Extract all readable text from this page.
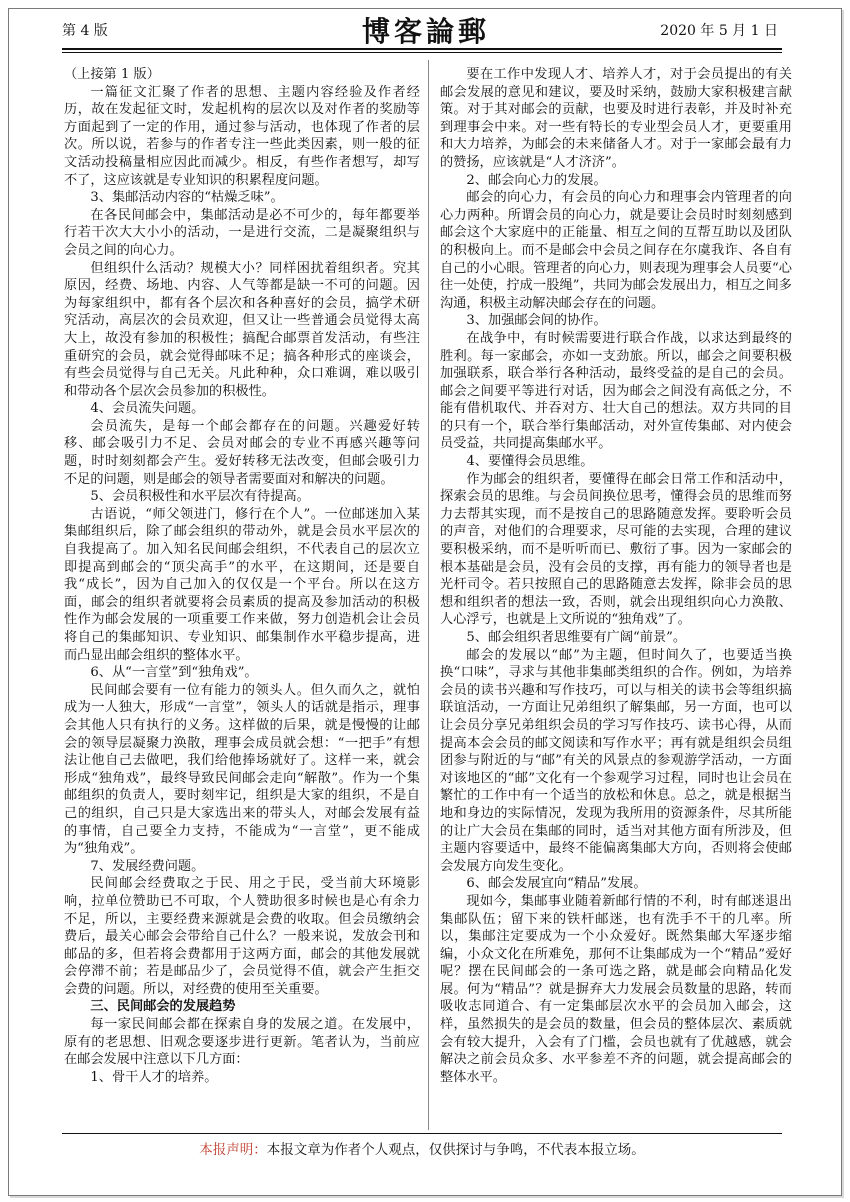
第 4 版	博客論郵	2020 年 5 月 1 日

（上接第 1 版）

一篇征文汇聚了作者的思想、主题内容经验及作者经历，故在发起征文时，发起机构的层次以及对作者的奖励等方面起到了一定的作用，通过参与活动，也体现了作者的层次。所以说，若参与的作者专注一些此类因素，则一般的征文活动投稿量相应因此而减少。相反，有些作者想写，却写不了，这应该就是专业知识的积累程度问题。

3、集邮活动内容的“枯燥乏味”。

在各民间邮会中，集邮活动是必不可少的，每年都要举行若干次大大小小的活动，一是进行交流，二是凝聚组织与会员之间的向心力。

但组织什么活动？规模大小？同样困扰着组织者。究其原因，经费、场地、内容、人气等都是缺一不可的问题。因为每家组织中，都有各个层次和各种喜好的会员，搞学术研究活动，高层次的会员欢迎，但又让一些普通会员觉得太高大上，故没有参加的积极性；搞配合邮票首发活动，有些注重研究的会员，就会觉得邮味不足；搞各种形式的座谈会，有些会员觉得与自己无关。凡此种种，众口难调，难以吸引和带动各个层次会员参加的积极性。

4、会员流失问题。

会员流失，是每一个邮会都存在的问题。兴趣爱好转移、邮会吸引力不足、会员对邮会的专业不再感兴趣等问题，时时刻刻都会产生。爱好转移无法改变，但邮会吸引力不足的问题，则是邮会的领导者需要面对和解决的问题。

5、会员积极性和水平层次有待提高。

古语说，“师父领进门，修行在个人”。一位邮迷加入某集邮组织后，除了邮会组织的带动外，就是会员水平层次的自我提高了。加入知名民间邮会组织，不代表自己的层次立即提高到邮会的“顶尖高手”的水平，在这期间，还是要自我“成长”，因为自己加入的仅仅是一个平台。所以在这方面，邮会的组织者就要将会员素质的提高及参加活动的积极性作为邮会发展的一项重要工作来做，努力创造机会让会员将自己的集邮知识、专业知识、邮集制作水平稳步提高，进而凸显出邮会组织的整体水平。

6、从“一言堂”到“独角戏”。

民间邮会要有一位有能力的领头人。但久而久之，就怕成为一人独大，形成“一言堂”，领头人的话就是指示，理事会其他人只有执行的义务。这样做的后果，就是慢慢的让邮会的领导层凝聚力涣散，理事会成员就会想：“一把手”有想法让他自己去做吧，我们给他捧场就好了。这样一来，就会形成“独角戏”，最终导致民间邮会走向“解散”。作为一个集邮组织的负责人，要时刻牢记，组织是大家的组织，不是自己的组织，自己只是大家选出来的带头人，对邮会发展有益的事情，自己要全力支持，不能成为“一言堂”，更不能成为“独角戏”。

7、发展经费问题。

民间邮会经费取之于民、用之于民，受当前大环境影响，拉单位赞助已不可取，个人赞助很多时候也是心有余力不足，所以，主要经费来源就是会费的收取。但会员缴纳会费后，最关心邮会会带给自己什么？一般来说，发放会刊和邮品的多，但若将会费都用于这两方面，邮会的其他发展就会停滞不前；若是邮品少了，会员觉得不值，就会产生拒交会费的问题。所以，对经费的使用至关重要。

三、民间邮会的发展趋势

每一家民间邮会都在探索自身的发展之道。在发展中，原有的老思想、旧观念要逐步进行更新。笔者认为，当前应在邮会发展中注意以下几方面：

1、骨干人才的培养。

要在工作中发现人才、培养人才，对于会员提出的有关邮会发展的意见和建议，要及时采纳，鼓励大家积极建言献策。对于其对邮会的贡献，也要及时进行表彰，并及时补充到理事会中来。对一些有特长的专业型会员人才，更要重用和大力培养，为邮会的未来储备人才。对于一家邮会最有力的赞扬，应该就是“人才济济”。

2、邮会向心力的发展。

邮会的向心力，有会员的向心力和理事会内管理者的向心力两种。所谓会员的向心力，就是要让会员时时刻刻感到邮会这个大家庭中的正能量、相互之间的互帮互助以及团队的积极向上。而不是邮会中会员之间存在尔虞我诈、各自有自己的小心眼。管理者的向心力，则表现为理事会人员要“心往一处使，拧成一股绳”，共同为邮会发展出力，相互之间多沟通，积极主动解决邮会存在的问题。

3、加强邮会间的协作。

在战争中，有时候需要进行联合作战，以求达到最终的胜利。每一家邮会，亦如一支劲旅。所以，邮会之间要积极加强联系，联合举行各种活动，最终受益的是自己的会员。邮会之间要平等进行对话，因为邮会之间没有高低之分，不能有借机取代、并吞对方、壮大自己的想法。双方共同的目的只有一个，联合举行集邮活动，对外宣传集邮、对内使会员受益，共同提高集邮水平。

4、要懂得会员思维。

作为邮会的组织者，要懂得在邮会日常工作和活动中，探索会员的思维。与会员间换位思考，懂得会员的思维而努力去帮其实现，而不是按自己的思路随意发挥。要聆听会员的声音，对他们的合理要求，尽可能的去实现，合理的建议要积极采纳，而不是听听而已、敷衍了事。因为一家邮会的根本基础是会员，没有会员的支撑，再有能力的领导者也是光杆司令。若只按照自己的思路随意去发挥，除非会员的思想和组织者的想法一致，否则，就会出现组织向心力涣散、人心浮亏，也就是上文所说的“独角戏”了。

5、邮会组织者思维要有广阔“前景”。

邮会的发展以“邮”为主题，但时间久了，也要适当换换“口味”，寻求与其他非集邮类组织的合作。例如，为培养会员的读书兴趣和写作技巧，可以与相关的读书会等组织搞联谊活动，一方面让兄弟组织了解集邮，另一方面，也可以让会员分享兄弟组织会员的学习写作技巧、读书心得，从而提高本会会员的邮文阅读和写作水平；再有就是组织会员组团参与附近的与“邮”有关的风景点的参观游学活动，一方面对该地区的“邮”文化有一个参观学习过程，同时也让会员在繁忙的工作中有一个适当的放松和休息。总之，就是根据当地和身边的实际情况，发现为我所用的资源条件，尽其所能的让广大会员在集邮的同时，适当对其他方面有所涉及，但主题内容要适中，最终不能偏离集邮大方向，否则将会使邮会发展方向发生变化。

6、邮会发展宜向“精品”发展。

现如今，集邮事业随着新邮行情的不利，时有邮迷退出集邮队伍；留下来的铁杆邮迷，也有洗手不干的几率。所以，集邮注定要成为一个小众爱好。既然集邮大军逐步缩编，小众文化在所难免，那何不让集邮成为一个“精品”爱好呢？摆在民间邮会的一条可选之路，就是邮会向精品化发展。何为“精品”？就是摒弃大力发展会员数量的思路，转而吸收志同道合、有一定集邮层次水平的会员加入邮会，这样，虽然损失的是会员的数量，但会员的整体层次、素质就会有较大提升，入会有了门槛，会员也就有了优越感，就会解决之前会员众多、水平参差不齐的问题，就会提高邮会的整体水平。

本报声明：本报文章为作者个人观点，仅供探讨与争鸣，不代表本报立场。
